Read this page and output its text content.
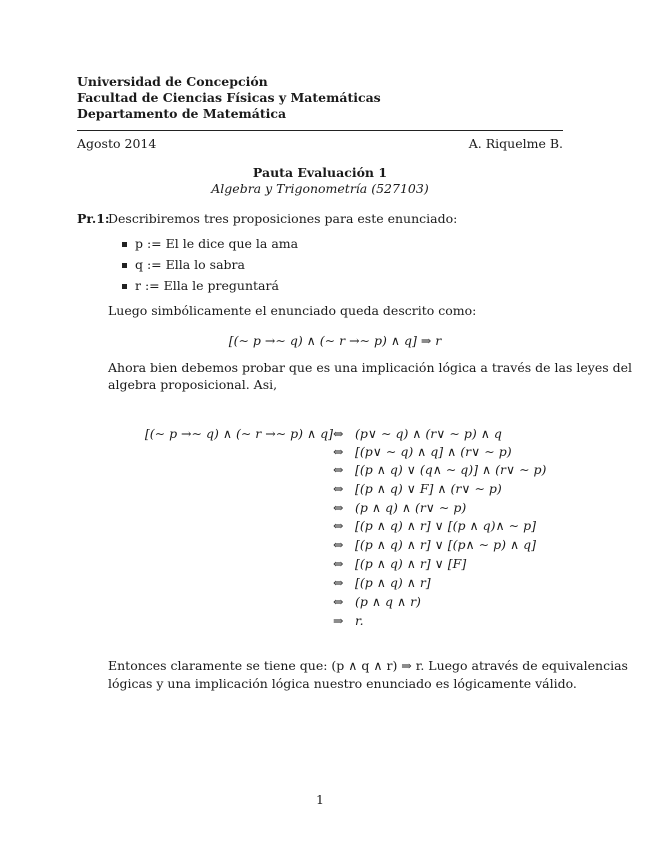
Universidad de Concepción
Facultad de Ciencias Físicas y Matemáticas
Departamento de Matemática
Agosto 2014	A. Riquelme B.
Pauta Evaluación 1
Algebra y Trigonometría (527103)
Pr.1:
Describiremos tres proposiciones para este enunciado:
p := El le dice que la ama
q := Ella lo sabra
r := Ella le preguntará
Luego simbólicamente el enunciado queda descrito como:
[(∼ p →∼ q) ∧ (∼ r →∼ p) ∧ q] ⇒ r
Ahora bien debemos probar que es una implicación lógica a través de las leyes del
algebra proposicional. Asi,
[(∼ p →∼ q) ∧ (∼ r →∼ p) ∧ q] ⇔ (p∨ ∼ q) ∧ (r∨ ∼ p) ∧ q
⇔ [(p∨ ∼ q) ∧ q] ∧ (r∨ ∼ p)
⇔ [(p ∧ q) ∨ (q∧ ∼ q)] ∧ (r∨ ∼ p)
⇔ [(p ∧ q) ∨ F] ∧ (r∨ ∼ p)
⇔ (p ∧ q) ∧ (r∨ ∼ p)
⇔ [(p ∧ q) ∧ r] ∨ [(p ∧ q)∧ ∼ p]
⇔ [(p ∧ q) ∧ r] ∨ [(p∧ ∼ p) ∧ q]
⇔ [(p ∧ q) ∧ r] ∨ [F]
⇔ [(p ∧ q) ∧ r]
⇔ (p ∧ q ∧ r)
⇒ r.
Entonces claramente se tiene que: (p ∧ q ∧ r) ⇒ r. Luego através de equivalencias
lógicas y una implicación lógica nuestro enunciado es lógicamente válido.
1
